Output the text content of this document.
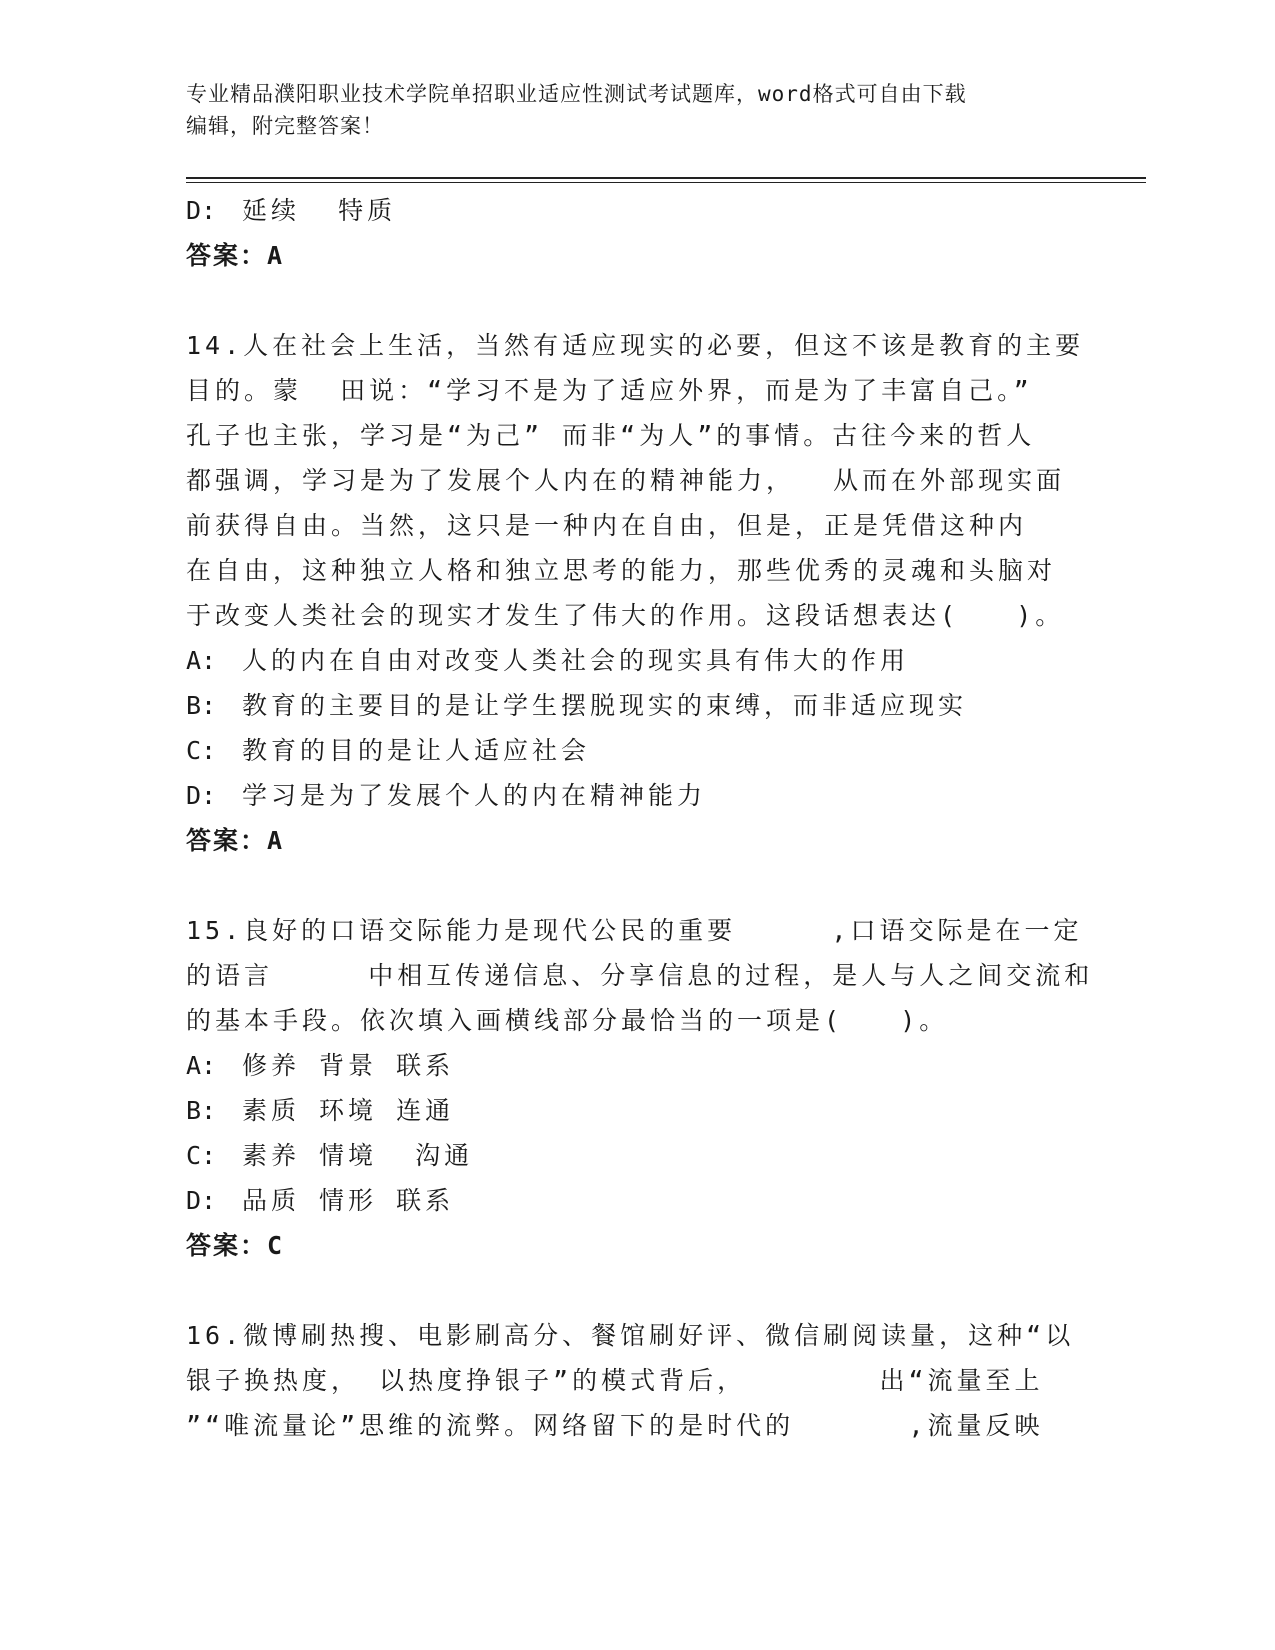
专业精品濮阳职业技术学院单招职业适应性测试考试题库，word格式可自由下载
编辑，附完整答案！
D: 延续  特质
答案：A
14.人在社会上生活，当然有适应现实的必要，但这不该是教育的主要
目的。蒙  田说：“学习不是为了适应外界，而是为了丰富自己。”
孔子也主张，学习是“为己” 而非“为人”的事情。古往今来的哲人
都强调，学习是为了发展个人内在的精神能力，  从而在外部现实面
前获得自由。当然，这只是一种内在自由，但是，正是凭借这种内
在自由，这种独立人格和独立思考的能力，那些优秀的灵魂和头脑对
于改变人类社会的现实才发生了伟大的作用。这段话想表达(   )。
A: 人的内在自由对改变人类社会的现实具有伟大的作用
B: 教育的主要目的是让学生摆脱现实的束缚，而非适应现实
C: 教育的目的是让人适应社会
D: 学习是为了发展个人的内在精神能力
答案：A
15.良好的口语交际能力是现代公民的重要     ,口语交际是在一定
的语言     中相互传递信息、分享信息的过程，是人与人之间交流和
的基本手段。依次填入画横线部分最恰当的一项是(   )。
A: 修养 背景 联系
B: 素质 环境 连通
C: 素养 情境  沟通
D: 品质 情形 联系
答案：C
16.微博刷热搜、电影刷高分、餐馆刷好评、微信刷阅读量，这种“以
银子换热度， 以热度挣银子”的模式背后，       出“流量至上
”“唯流量论”思维的流弊。网络留下的是时代的      ,流量反映
